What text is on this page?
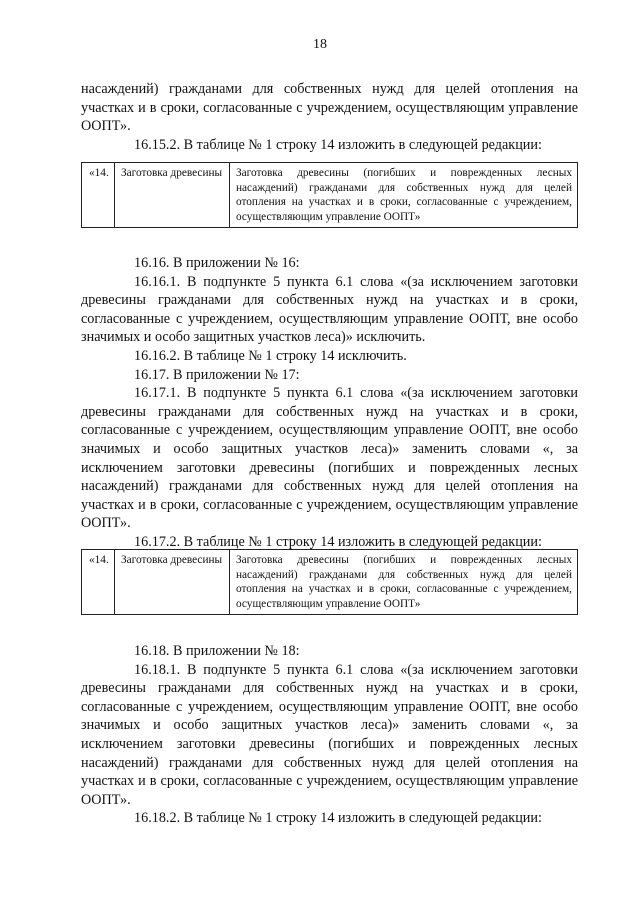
18

насаждений) гражданами для собственных нужд для целей отопления на участках и в сроки, согласованные с учреждением, осуществляющим управление ООПТ».

16.15.2. В таблице № 1 строку 14 изложить в следующей редакции:

«14.	Заготовка древесины	Заготовка древесины (погибших и поврежденных лесных насаждений) гражданами для собственных нужд для целей отопления на участках и в сроки, согласованные с учреждением, осуществляющим управление ООПТ»

16.16. В приложении № 16:

16.16.1. В подпункте 5 пункта 6.1 слова «(за исключением заготовки древесины гражданами для собственных нужд на участках и в сроки, согласованные с учреждением, осуществляющим управление ООПТ, вне особо значимых и особо защитных участков леса)» исключить.

16.16.2. В таблице № 1 строку 14 исключить.

16.17. В приложении № 17:

16.17.1. В подпункте 5 пункта 6.1 слова «(за исключением заготовки древесины гражданами для собственных нужд на участках и в сроки, согласованные с учреждением, осуществляющим управление ООПТ, вне особо значимых и особо защитных участков леса)» заменить словами «, за исключением заготовки древесины (погибших и поврежденных лесных насаждений) гражданами для собственных нужд для целей отопления на участках и в сроки, согласованные с учреждением, осуществляющим управление ООПТ».

16.17.2. В таблице № 1 строку 14 изложить в следующей редакции:

«14.	Заготовка древесины	Заготовка древесины (погибших и поврежденных лесных насаждений) гражданами для собственных нужд для целей отопления на участках и в сроки, согласованные с учреждением, осуществляющим управление ООПТ»

16.18. В приложении № 18:

16.18.1. В подпункте 5 пункта 6.1 слова «(за исключением заготовки древесины гражданами для собственных нужд на участках и в сроки, согласованные с учреждением, осуществляющим управление ООПТ, вне особо значимых и особо защитных участков леса)» заменить словами «, за исключением заготовки древесины (погибших и поврежденных лесных насаждений) гражданами для собственных нужд для целей отопления на участках и в сроки, согласованные с учреждением, осуществляющим управление ООПТ».

16.18.2. В таблице № 1 строку 14 изложить в следующей редакции:
